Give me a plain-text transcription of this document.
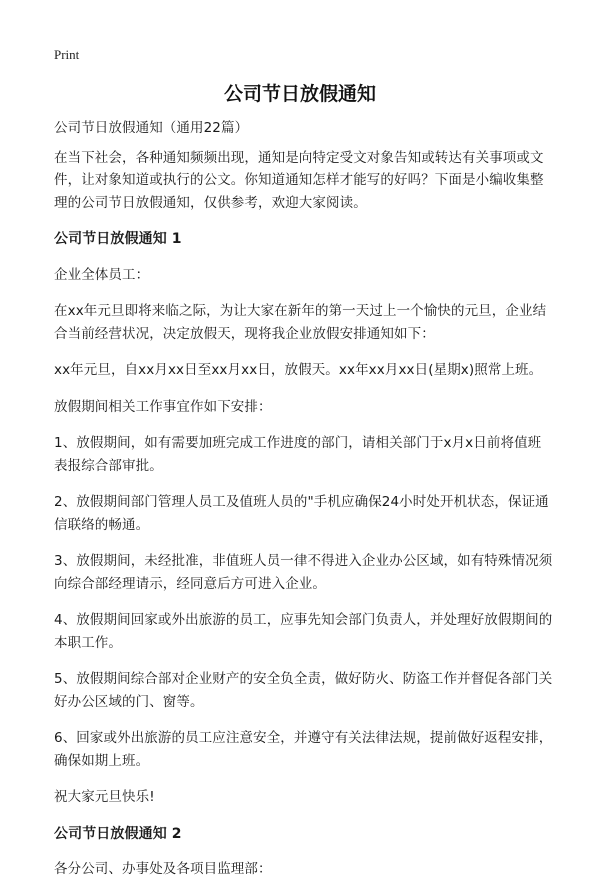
Print
公司节日放假通知

公司节日放假通知（通用22篇）

在当下社会，各种通知频频出现，通知是向特定受文对象告知或转达有关事项或文件，让对象知道或执行的公文。你知道通知怎样才能写的好吗？下面是小编收集整理的公司节日放假通知，仅供参考，欢迎大家阅读。

公司节日放假通知 1

企业全体员工：

在xx年元旦即将来临之际，为让大家在新年的第一天过上一个愉快的元旦，企业结合当前经营状况，决定放假天，现将我企业放假安排通知如下：

xx年元旦，自xx月xx日至xx月xx日，放假天。xx年xx月xx日(星期x)照常上班。

放假期间相关工作事宜作如下安排：

1、放假期间，如有需要加班完成工作进度的部门，请相关部门于x月x日前将值班表报综合部审批。

2、放假期间部门管理人员工及值班人员的"手机应确保24小时处开机状态，保证通信联络的畅通。

3、放假期间，未经批准，非值班人员一律不得进入企业办公区域，如有特殊情况须向综合部经理请示，经同意后方可进入企业。

4、放假期间回家或外出旅游的员工，应事先知会部门负责人，并处理好放假期间的本职工作。

5、放假期间综合部对企业财产的安全负全责，做好防火、防盗工作并督促各部门关好办公区域的门、窗等。

6、回家或外出旅游的员工应注意安全，并遵守有关法律法规，提前做好返程安排，确保如期上班。

祝大家元旦快乐!

公司节日放假通知 2

各分公司、办事处及各项目监理部：
